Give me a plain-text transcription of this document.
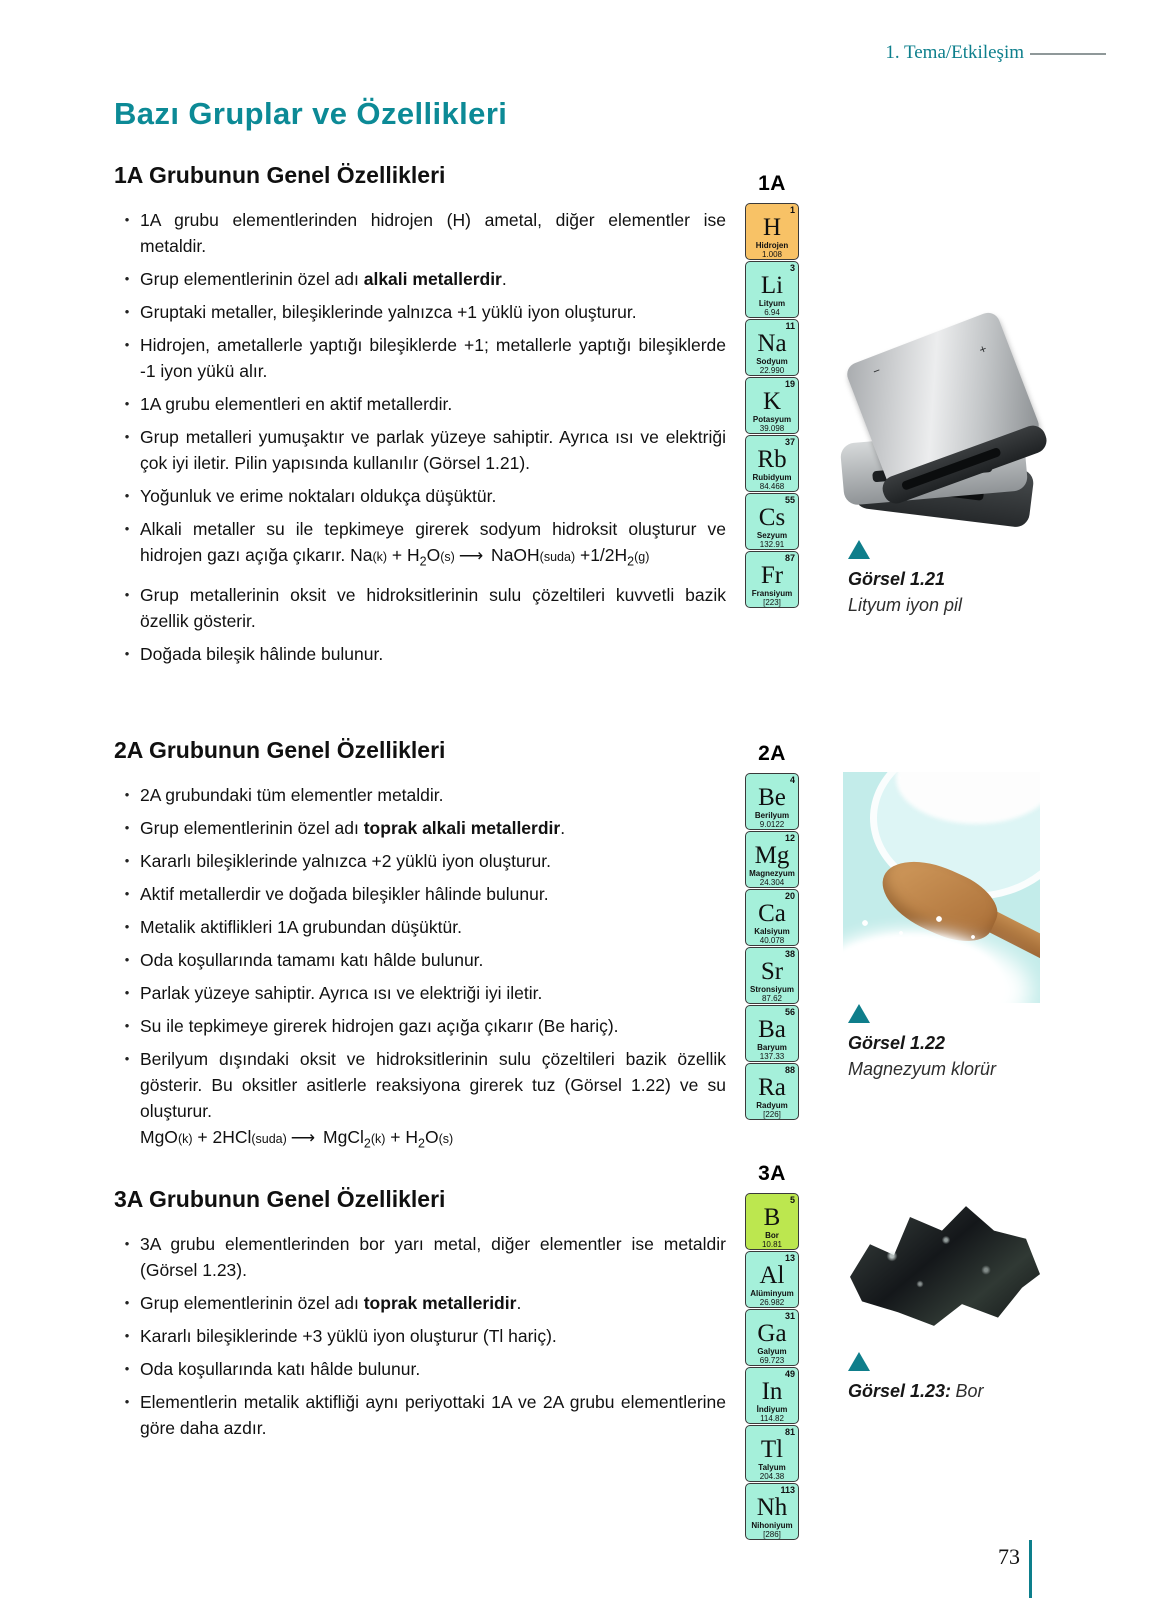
1. Tema/Etkileşim
Bazı Gruplar ve Özellikleri
1A Grubunun Genel Özellikleri
• 1A grubu elementlerinden hidrojen (H) ametal, diğer elementler ise metaldir.
• Grup elementlerinin özel adı alkali metallerdir.
• Gruptaki metaller, bileşiklerinde yalnızca +1 yüklü iyon oluşturur.
• Hidrojen, ametallerle yaptığı bileşiklerde +1; metallerle yaptığı bileşiklerde -1 iyon yükü alır.
• 1A grubu elementleri en aktif metallerdir.
• Grup metalleri yumuşaktır ve parlak yüzeye sahiptir. Ayrıca ısı ve elektriği çok iyi iletir. Pilin yapısında kullanılır (Görsel 1.21).
• Yoğunluk ve erime noktaları oldukça düşüktür.
• Alkali metaller su ile tepkimeye girerek sodyum hidroksit oluşturur ve hidrojen gazı açığa çıkarır. $Na(k) + H_2O(s)$ ⟶ NaOH(suda) $+1/2H_2(g)$
• Grup metallerinin oksit ve hidroksitlerinin sulu çözeltileri kuvvetli bazik özellik gösterir.
• Doğada bileşik hâlinde bulunur.
2A Grubunun Genel Özellikleri
• 2A grubundaki tüm elementler metaldir.
• Grup elementlerinin özel adı toprak alkali metallerdir.
• Kararlı bileşiklerinde yalnızca +2 yüklü iyon oluşturur.
• Aktif metallerdir ve doğada bileşikler hâlinde bulunur.
• Metalik aktiflikleri 1A grubundan düşüktür.
• Oda koşullarında tamamı katı hâlde bulunur.
• Parlak yüzeye sahiptir. Ayrıca ısı ve elektriği iyi iletir.
• Su ile tepkimeye girerek hidrojen gazı açığa çıkarır (Be hariç).
• Berilyum dışındaki oksit ve hidroksitlerinin sulu çözeltileri bazik özellik gösterir. Bu oksitler asitlerle reaksiyona girerek tuz (Görsel 1.22) ve su oluşturur.
MgO(k) + 2HCl(suda) ⟶ MgCl$_2$(k) + $H_2O(s)$
3A Grubunun Genel Özellikleri
• 3A grubu elementlerinden bor yarı metal, diğer elementler ise metaldir (Görsel 1.23).
• Grup elementlerinin özel adı toprak metalleridir.
• Kararlı bileşiklerinde +3 yüklü iyon oluşturur (Tl hariç).
• Oda koşullarında katı hâlde bulunur.
• Elementlerin metalik aktifliği aynı periyottaki 1A ve 2A grubu elementlerine göre daha azdır.
1A
1
H
Hidrojen
1.008
3
Li
Lityum
6.94
11
Na
Sodyum
22.990
19
K
Potasyum
39.098
37
Rb
Rubidyum
84.468
55
Cs
Sezyum
132.91
87
Fr
Fransiyum
[223]
2A
4
Be
Berilyum
9.0122
12
Mg
Magnezyum
24.304
20
Ca
Kalsiyum
40.078
38
Sr
Stronsiyum
87.62
56
Ba
Baryum
137.33
88
Ra
Radyum
[226]
3A
5
B
Bor
10.81
13
Al
Alüminyum
26.982
31
Ga
Galyum
69.723
49
In
İndiyum
114.82
81
Tl
Talyum
204.38
113
Nh
Nihoniyum
[286]
−
+
Görsel 1.21
Lityum iyon pil
Görsel 1.22
Magnezyum klorür
Görsel 1.23: Bor
73
